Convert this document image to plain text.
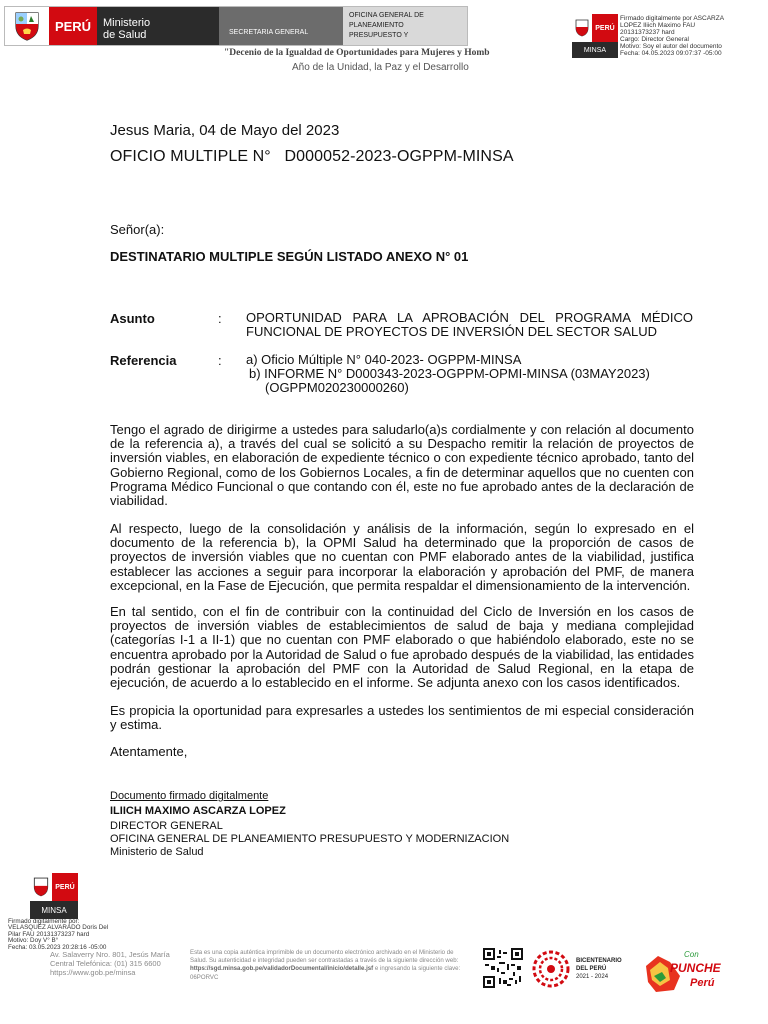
PERÚ	Ministerio
de Salud	SECRETARIA GENERAL
OFICINA GENERAL DE
PLANEAMIENTO
PRESUPUESTO Y
"Decenio de la Igualdad de Oportunidades para Mujeres y Homb
Año de la Unidad, la Paz y el Desarrollo
PERÚ
MINSA
Firmado digitalmente por ASCARZA
LOPEZ Iliich Maximo FAU
20131373237 hard
Cargo: Director General
Motivo: Soy el autor del documento
Fecha: 04.05.2023 09:07:37 -05:00
Jesus Maria, 04 de Mayo del 2023
OFICIO MULTIPLE N° D000052-2023-OGPPM-MINSA
Señor(a):
DESTINATARIO MULTIPLE SEGÚN LISTADO ANEXO N° 01
Asunto	: OPORTUNIDAD PARA LA APROBACIÓN DEL PROGRAMA MÉDICO FUNCIONAL DE PROYECTOS DE INVERSIÓN DEL SECTOR SALUD
Referencia	: a) Oficio Múltiple N° 040-2023- OGPPM-MINSA
b) INFORME N° D000343-2023-OGPPM-OPMI-MINSA (03MAY2023)
(OGPPM020230000260)

Tengo el agrado de dirigirme a ustedes para saludarlo(a)s cordialmente y con relación al documento de la referencia a), a través del cual se solicitó a su Despacho remitir la relación de proyectos de inversión viables, en elaboración de expediente técnico o con expediente técnico aprobado, tanto del Gobierno Regional, como de los Gobiernos Locales, a fin de determinar aquellos que no cuenten con Programa Médico Funcional o que contando con él, este no fue aprobado antes de la declaración de viabilidad.

Al respecto, luego de la consolidación y análisis de la información, según lo expresado en el documento de la referencia b), la OPMI Salud ha determinado que la proporción de casos de proyectos de inversión viables que no cuentan con PMF elaborado antes de la viabilidad, justifica establecer las acciones a seguir para incorporar la elaboración y aprobación del PMF, de manera excepcional, en la Fase de Ejecución, que permita respaldar el dimensionamiento de la intervención.

En tal sentido, con el fin de contribuir con la continuidad del Ciclo de Inversión en los casos de proyectos de inversión viables de establecimientos de salud de baja y mediana complejidad (categorías I-1 a II-1) que no cuentan con PMF elaborado o que habiéndolo elaborado, este no se encuentra aprobado por la Autoridad de Salud o fue aprobado después de la viabilidad, las entidades podrán gestionar la aprobación del PMF con la Autoridad de Salud Regional, en la etapa de ejecución, de acuerdo a lo establecido en el informe. Se adjunta anexo con los casos identificados.

Es propicia la oportunidad para expresarles a ustedes los sentimientos de mi especial consideración y estima.

Atentamente,

Documento firmado digitalmente
ILIICH MAXIMO ASCARZA LOPEZ
DIRECTOR GENERAL
OFICINA GENERAL DE PLANEAMIENTO PRESUPUESTO Y MODERNIZACION
Ministerio de Salud
PERÚ
MINSA
Firmado digitalmente por:
VELASQUEZ ALVARADO Doris Del
Pilar FAU 20131373237 hard
Motivo: Doy V° B°
Fecha: 03.05.2023 20:28:16 -05:00
Av. Salaverry Nro. 801, Jesús María
Central Telefónica: (01) 315 6600
https://www.gob.pe/minsa
Esta es una copia auténtica imprimible de un documento electrónico archivado en el Ministerio de Salud. Su autenticidad e integridad pueden ser contrastadas a través de la siguiente dirección web: https://sgd.minsa.gob.pe/validadorDocumental/inicio/detalle.jsf e ingresando la siguiente clave: 06PORVC
BICENTENARIO
DEL PERÚ
2021 - 2024
Con
PUNCHE
Perú
